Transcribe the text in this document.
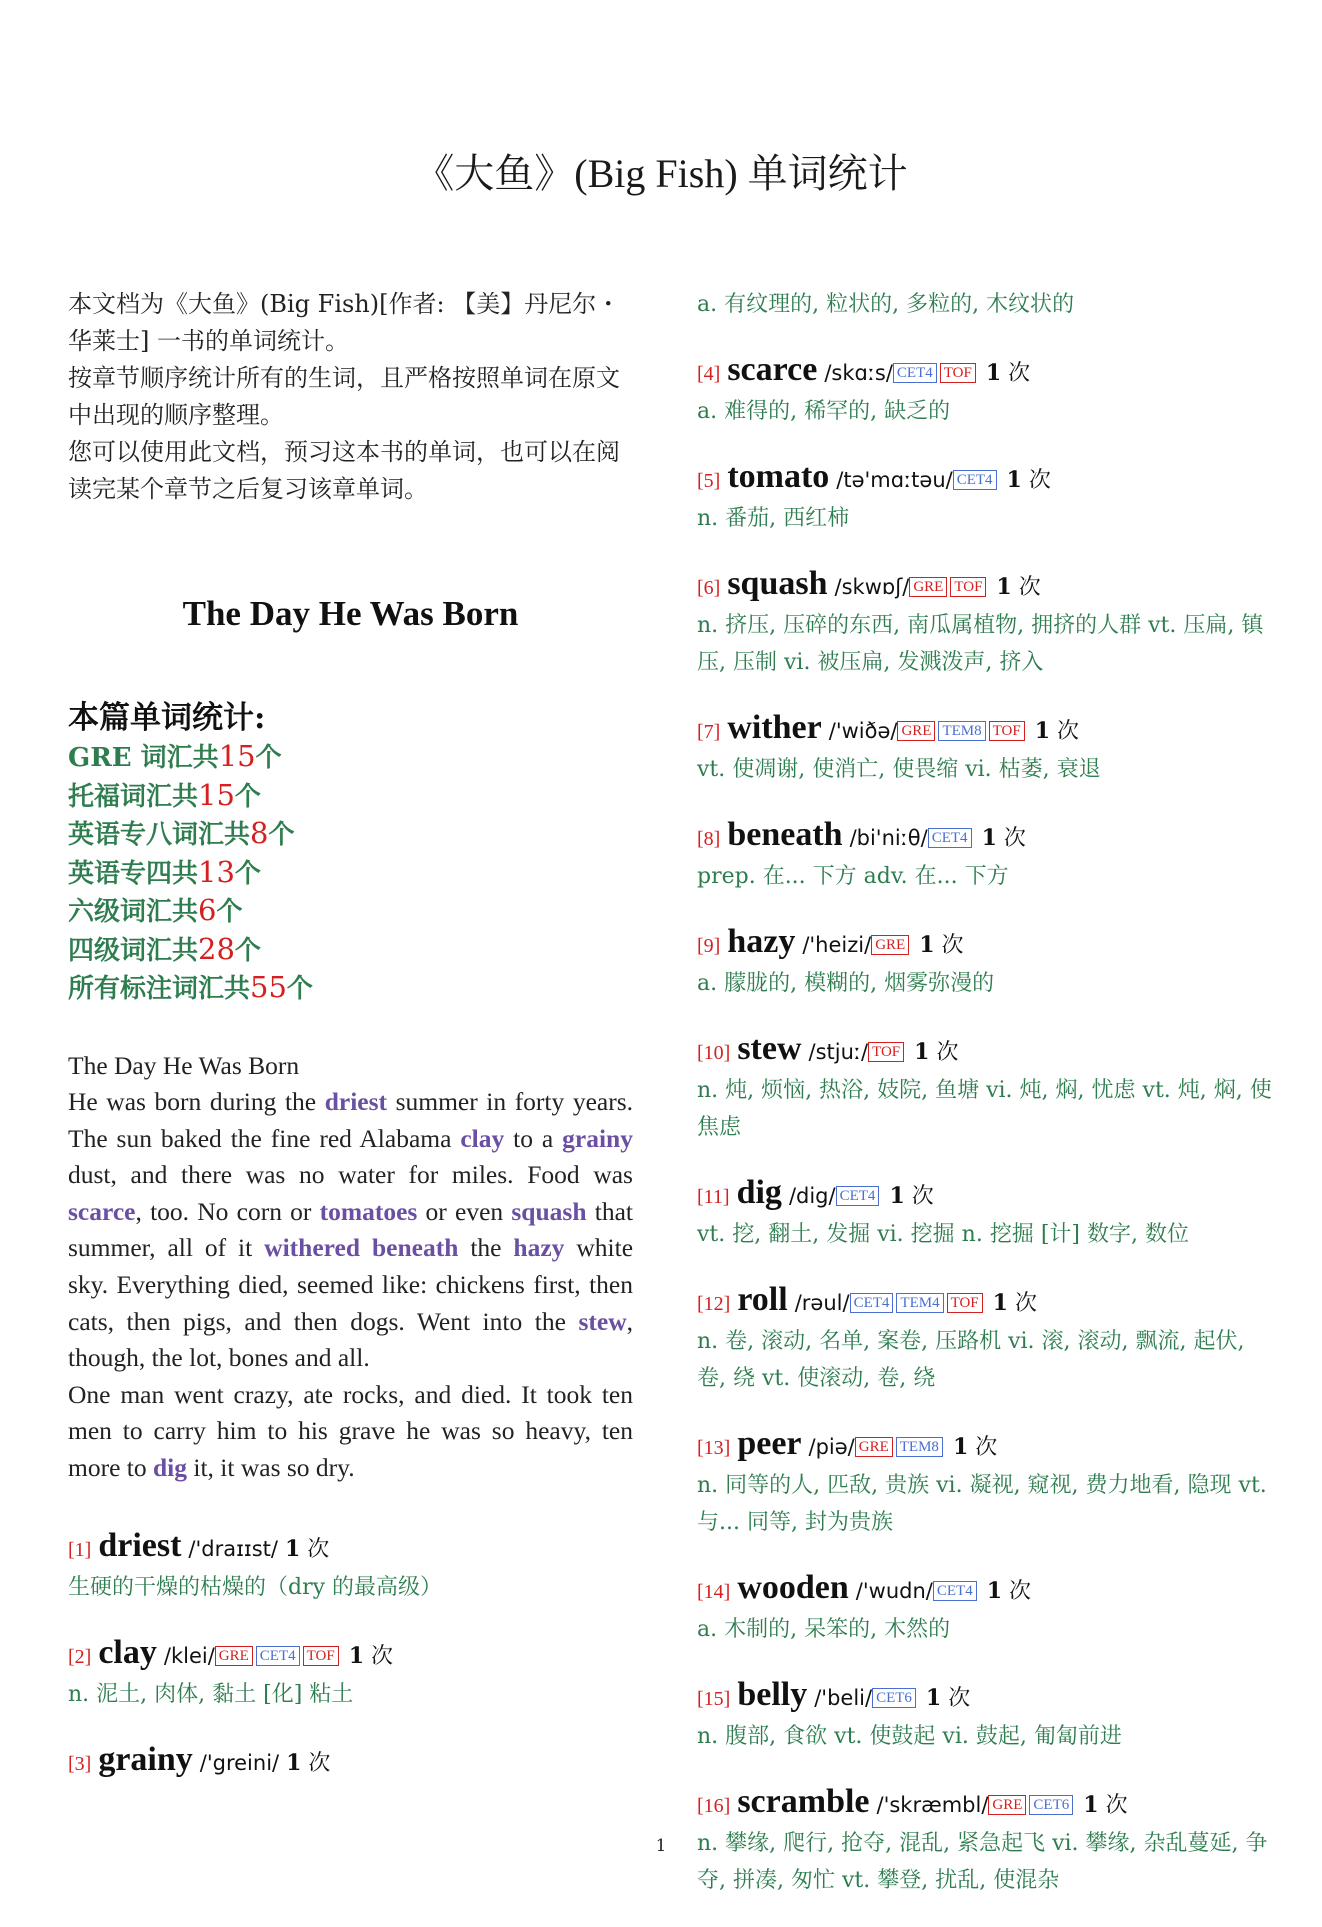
《大鱼》(Big Fish) 单词统计

本文档为《大鱼》(Big Fish)[作者: 【美】丹尼尔・华莱士] 一书的单词统计。

按章节顺序统计所有的生词，且严格按照单词在原文中出现的顺序整理。

您可以使用此文档，预习这本书的单词，也可以在阅读完某个章节之后复习该章单词。

The Day He Was Born
本篇单词统计:
GRE 词汇共15个
托福词汇共15个
英语专八词汇共8个
英语专四共13个
六级词汇共6个
四级词汇共28个
所有标注词汇共55个

The Day He Was Born

He was born during the driest summer in forty years. The sun baked the fine red Alabama clay to a grainy dust, and there was no water for miles. Food was scarce, too. No corn or tomatoes or even squash that summer, all of it withered beneath the hazy white sky. Everything died, seemed like: chickens first, then cats, then pigs, and then dogs. Went into the stew, though, the lot, bones and all.

One man went crazy, ate rocks, and died. It took ten men to carry him to his grave he was so heavy, ten more to dig it, it was so dry.

[1] driest /'draɪɪst/ 1 次
生硬的干燥的枯燥的（dry 的最高级）
[2] clay /klei/ GRE CET4 TOF 1 次
n. 泥土, 肉体, 黏土 [化] 粘土
[3] grainy /'greini/ 1 次
a. 有纹理的, 粒状的, 多粒的, 木纹状的
[4] scarce /skɑːs/ CET4 TOF 1 次
a. 难得的, 稀罕的, 缺乏的
[5] tomato /tə'mɑːtəu/ CET4 1 次
n. 番茄, 西红柿
[6] squash /skwɒʃ/ GRE TOF 1 次
n. 挤压, 压碎的东西, 南瓜属植物, 拥挤的人群 vt. 压扁, 镇压, 压制 vi. 被压扁, 发溅泼声, 挤入
[7] wither /'wiðə/ GRE TEM8 TOF 1 次
vt. 使凋谢, 使消亡, 使畏缩 vi. 枯萎, 衰退
[8] beneath /bi'niːθ/ CET4 1 次
prep. 在... 下方 adv. 在... 下方
[9] hazy /'heizi/ GRE 1 次
a. 朦胧的, 模糊的, 烟雾弥漫的
[10] stew /stjuː/ TOF 1 次
n. 炖, 烦恼, 热浴, 妓院, 鱼塘 vi. 炖, 焖, 忧虑 vt. 炖, 焖, 使焦虑
[11] dig /dig/ CET4 1 次
vt. 挖, 翻土, 发掘 vi. 挖掘 n. 挖掘 [计] 数字, 数位
[12] roll /rəul/ CET4 TEM4 TOF 1 次
n. 卷, 滚动, 名单, 案卷, 压路机 vi. 滚, 滚动, 飘流, 起伏, 卷, 绕 vt. 使滚动, 卷, 绕
[13] peer /piə/ GRE TEM8 1 次
n. 同等的人, 匹敌, 贵族 vi. 凝视, 窥视, 费力地看, 隐现 vt. 与... 同等, 封为贵族
[14] wooden /'wudn/ CET4 1 次
a. 木制的, 呆笨的, 木然的
[15] belly /'beli/ CET6 1 次
n. 腹部, 食欲 vt. 使鼓起 vi. 鼓起, 匍匐前进
[16] scramble /'skræmbl/ GRE CET6 1 次
n. 攀缘, 爬行, 抢夺, 混乱, 紧急起飞 vi. 攀缘, 杂乱蔓延, 争夺, 拼凑, 匆忙 vt. 攀登, 扰乱, 使混杂
1
